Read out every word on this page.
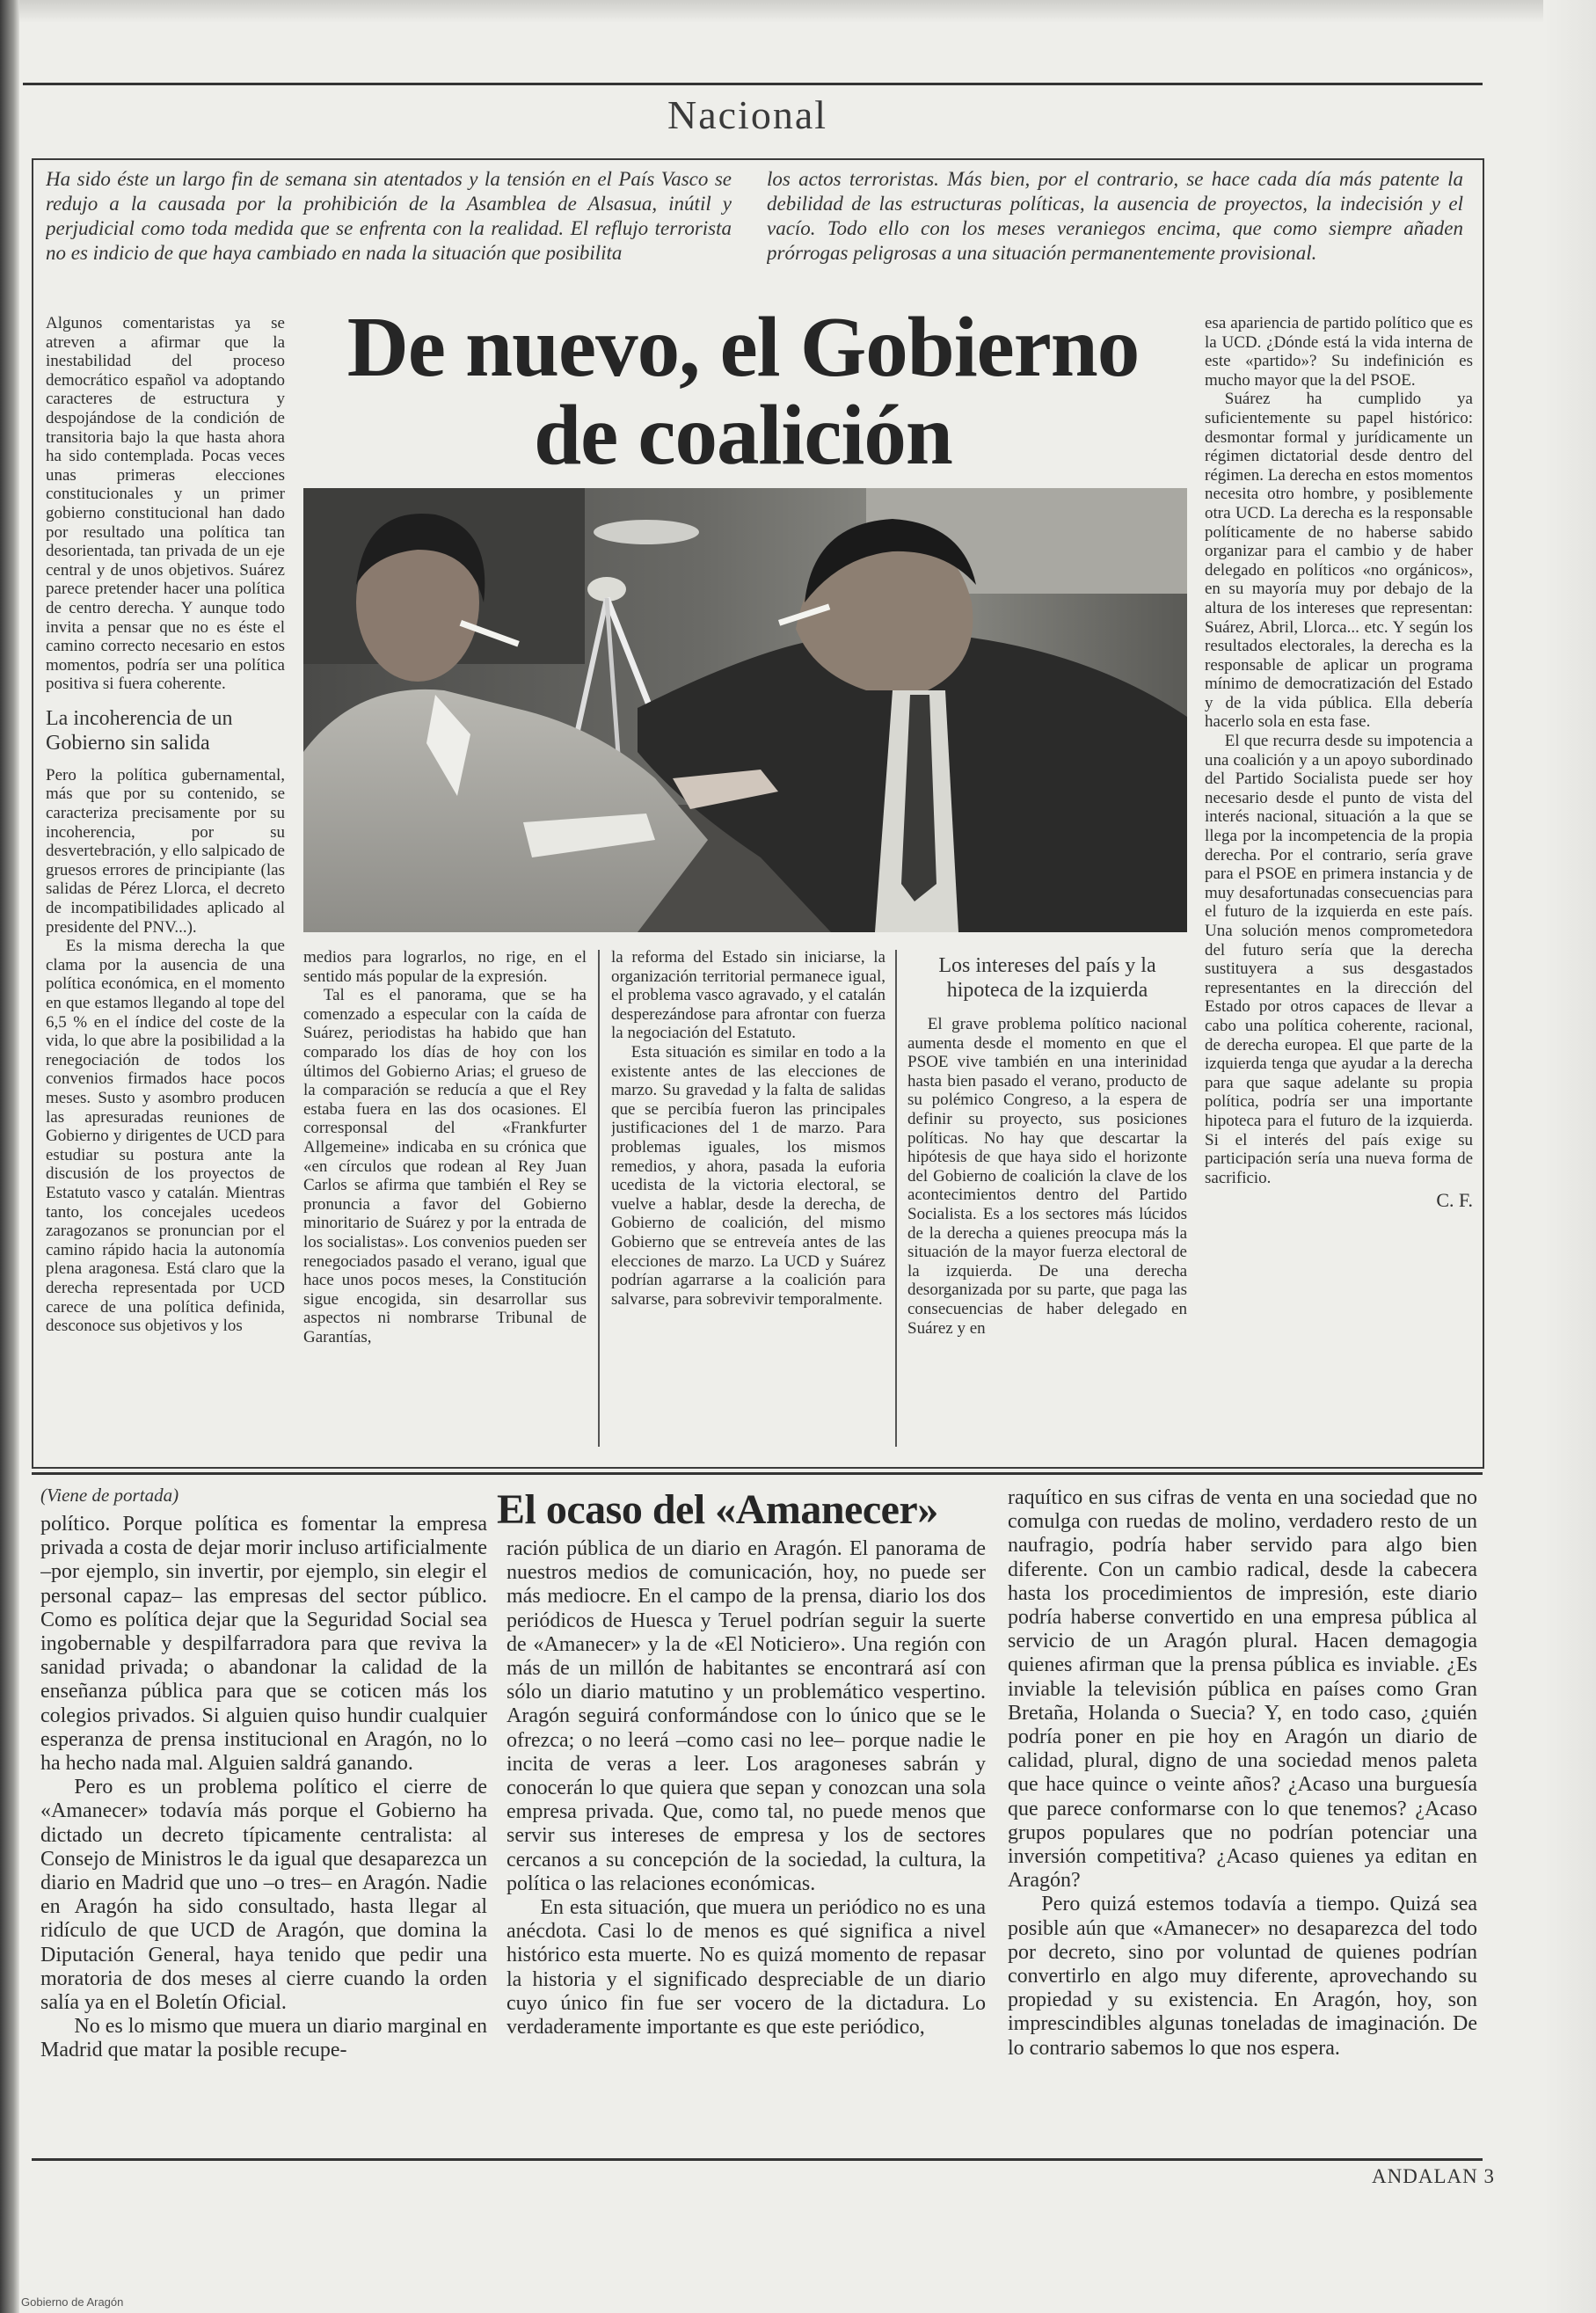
Nacional
Ha sido éste un largo fin de semana sin atentados y la tensión en el País Vasco se redujo a la causada por la prohibición de la Asamblea de Alsasua, inútil y perjudicial como toda medida que se enfrenta con la realidad. El reflujo terrorista no es indicio de que haya cambiado en nada la situación que posibilita
los actos terroristas. Más bien, por el contrario, se hace cada día más patente la debilidad de las estructuras políticas, la ausencia de proyectos, la indecisión y el vacío. Todo ello con los meses veraniegos encima, que como siempre añaden prórrogas peligrosas a una situación permanentemente provisional.
De nuevo, el Gobierno
de coalición

Algunos comentaristas ya se atreven a afirmar que la inestabilidad del proceso democrático español va adoptando caracteres de estructura y despojándose de la condición de transitoria bajo la que hasta ahora ha sido contemplada. Pocas veces unas primeras elecciones constitucionales y un primer gobierno constitucional han dado por resultado una política tan desorientada, tan privada de un eje central y de unos objetivos. Suárez parece pretender hacer una política de centro derecha. Y aunque todo invita a pensar que no es éste el camino correcto necesario en estos momentos, podría ser una política positiva si fuera coherente.

La incoherencia de un Gobierno sin salida

Pero la política gubernamental, más que por su contenido, se caracteriza precisamente por su incoherencia, por su desvertebración, y ello salpicado de gruesos errores de principiante (las salidas de Pérez Llorca, el decreto de incompatibilidades aplicado al presidente del PNV...).

Es la misma derecha la que clama por la ausencia de una política económica, en el momento en que estamos llegando al tope del 6,5 % en el índice del coste de la vida, lo que abre la posibilidad a la renegociación de todos los convenios firmados hace pocos meses. Susto y asombro producen las apresuradas reuniones de Gobierno y dirigentes de UCD para estudiar su postura ante la discusión de los proyectos de Estatuto vasco y catalán. Mientras tanto, los concejales ucedeos zaragozanos se pronuncian por el camino rápido hacia la autonomía plena aragonesa. Está claro que la derecha representada por UCD carece de una política definida, desconoce sus objetivos y los

medios para lograrlos, no rige, en el sentido más popular de la expresión.

Tal es el panorama, que se ha comenzado a especular con la caída de Suárez, periodistas ha habido que han comparado los días de hoy con los últimos del Gobierno Arias; el grueso de la comparación se reducía a que el Rey estaba fuera en las dos ocasiones. El corresponsal del «Frankfurter Allgemeine» indicaba en su crónica que «en círculos que rodean al Rey Juan Carlos se afirma que también el Rey se pronuncia a favor del Gobierno minoritario de Suárez y por la entrada de los socialistas». Los convenios pueden ser renegociados pasado el verano, igual que hace unos pocos meses, la Constitución sigue encogida, sin desarrollar sus aspectos ni nombrarse Tribunal de Garantías,

la reforma del Estado sin iniciarse, la organización territorial permanece igual, el problema vasco agravado, y el catalán desperezándose para afrontar con fuerza la negociación del Estatuto.

Esta situación es similar en todo a la existente antes de las elecciones de marzo. Su gravedad y la falta de salidas que se percibía fueron las principales justificaciones del 1 de marzo. Para problemas iguales, los mismos remedios, y ahora, pasada la euforia ucedista de la victoria electoral, se vuelve a hablar, desde la derecha, de Gobierno de coalición, del mismo Gobierno que se entreveía antes de las elecciones de marzo. La UCD y Suárez podrían agarrarse a la coalición para salvarse, para sobrevivir temporalmente.

Los intereses del país y la hipoteca de la izquierda

El grave problema político nacional aumenta desde el momento en que el PSOE vive también en una interinidad hasta bien pasado el verano, producto de su polémico Congreso, a la espera de definir su proyecto, sus posiciones políticas. No hay que descartar la hipótesis de que haya sido el horizonte del Gobierno de coalición la clave de los acontecimientos dentro del Partido Socialista. Es a los sectores más lúcidos de la derecha a quienes preocupa más la situación de la mayor fuerza electoral de la izquierda. De una derecha desorganizada por su parte, que paga las consecuencias de haber delegado en Suárez y en

esa apariencia de partido político que es la UCD. ¿Dónde está la vida interna de este «partido»? Su indefinición es mucho mayor que la del PSOE.

Suárez ha cumplido ya suficientemente su papel histórico: desmontar formal y jurídicamente un régimen dictatorial desde dentro del régimen. La derecha en estos momentos necesita otro hombre, y posiblemente otra UCD. La derecha es la responsable políticamente de no haberse sabido organizar para el cambio y de haber delegado en políticos «no orgánicos», en su mayoría muy por debajo de la altura de los intereses que representan: Suárez, Abril, Llorca... etc. Y según los resultados electorales, la derecha es la responsable de aplicar un programa mínimo de democratización del Estado y de la vida pública. Ella debería hacerlo sola en esta fase.

El que recurra desde su impotencia a una coalición y a un apoyo subordinado del Partido Socialista puede ser hoy necesario desde el punto de vista del interés nacional, situación a la que se llega por la incompetencia de la propia derecha. Por el contrario, sería grave para el PSOE en primera instancia y de muy desafortunadas consecuencias para el futuro de la izquierda en este país. Una solución menos comprometedora del futuro sería que la derecha sustituyera a sus desgastados representantes en la dirección del Estado por otros capaces de llevar a cabo una política coherente, racional, de derecha europea. El que parte de la izquierda tenga que ayudar a la derecha para que saque adelante su propia política, podría ser una importante hipoteca para el futuro de la izquierda. Si el interés del país exige su participación sería una nueva forma de sacrificio.

C. F.
(Viene de portada)

político. Porque política es fomentar la empresa privada a costa de dejar morir incluso artificialmente –por ejemplo, sin invertir, por ejemplo, sin elegir el personal capaz– las empresas del sector público. Como es política dejar que la Seguridad Social sea ingobernable y despilfarradora para que reviva la sanidad privada; o abandonar la calidad de la enseñanza pública para que se coticen más los colegios privados. Si alguien quiso hundir cualquier esperanza de prensa institucional en Aragón, no lo ha hecho nada mal. Alguien saldrá ganando.

Pero es un problema político el cierre de «Amanecer» todavía más porque el Gobierno ha dictado un decreto típicamente centralista: al Consejo de Ministros le da igual que desaparezca un diario en Madrid que uno –o tres– en Aragón. Nadie en Aragón ha sido consultado, hasta llegar al ridículo de que UCD de Aragón, que domina la Diputación General, haya tenido que pedir una moratoria de dos meses al cierre cuando la orden salía ya en el Boletín Oficial.

No es lo mismo que muera un diario marginal en Madrid que matar la posible recupe-

El ocaso del «Amanecer»

ración pública de un diario en Aragón. El panorama de nuestros medios de comunicación, hoy, no puede ser más mediocre. En el campo de la prensa, diario los dos periódicos de Huesca y Teruel podrían seguir la suerte de «Amanecer» y la de «El Noticiero». Una región con más de un millón de habitantes se encontrará así con sólo un diario matutino y un problemático vespertino. Aragón seguirá conformándose con lo único que se le ofrezca; o no leerá –como casi no lee– porque nadie le incita de veras a leer. Los aragoneses sabrán y conocerán lo que quiera que sepan y conozcan una sola empresa privada. Que, como tal, no puede menos que servir sus intereses de empresa y los de sectores cercanos a su concepción de la sociedad, la cultura, la política o las relaciones económicas.

En esta situación, que muera un periódico no es una anécdota. Casi lo de menos es qué significa a nivel histórico esta muerte. No es quizá momento de repasar la historia y el significado despreciable de un diario cuyo único fin fue ser vocero de la dictadura. Lo verdaderamente importante es que este periódico,

raquítico en sus cifras de venta en una sociedad que no comulga con ruedas de molino, verdadero resto de un naufragio, podría haber servido para algo bien diferente. Con un cambio radical, desde la cabecera hasta los procedimientos de impresión, este diario podría haberse convertido en una empresa pública al servicio de un Aragón plural. Hacen demagogia quienes afirman que la prensa pública es inviable. ¿Es inviable la televisión pública en países como Gran Bretaña, Holanda o Suecia? Y, en todo caso, ¿quién podría poner en pie hoy en Aragón un diario de calidad, plural, digno de una sociedad menos paleta que hace quince o veinte años? ¿Acaso una burguesía que parece conformarse con lo que tenemos? ¿Acaso grupos populares que no podrían potenciar una inversión competitiva? ¿Acaso quienes ya editan en Aragón?

Pero quizá estemos todavía a tiempo. Quizá sea posible aún que «Amanecer» no desaparezca del todo por decreto, sino por voluntad de quienes podrían convertirlo en algo muy diferente, aprovechando su propiedad y su existencia. En Aragón, hoy, son imprescindibles algunas toneladas de imaginación. De lo contrario sabemos lo que nos espera.

ANDALAN 3
Gobierno de Aragón
